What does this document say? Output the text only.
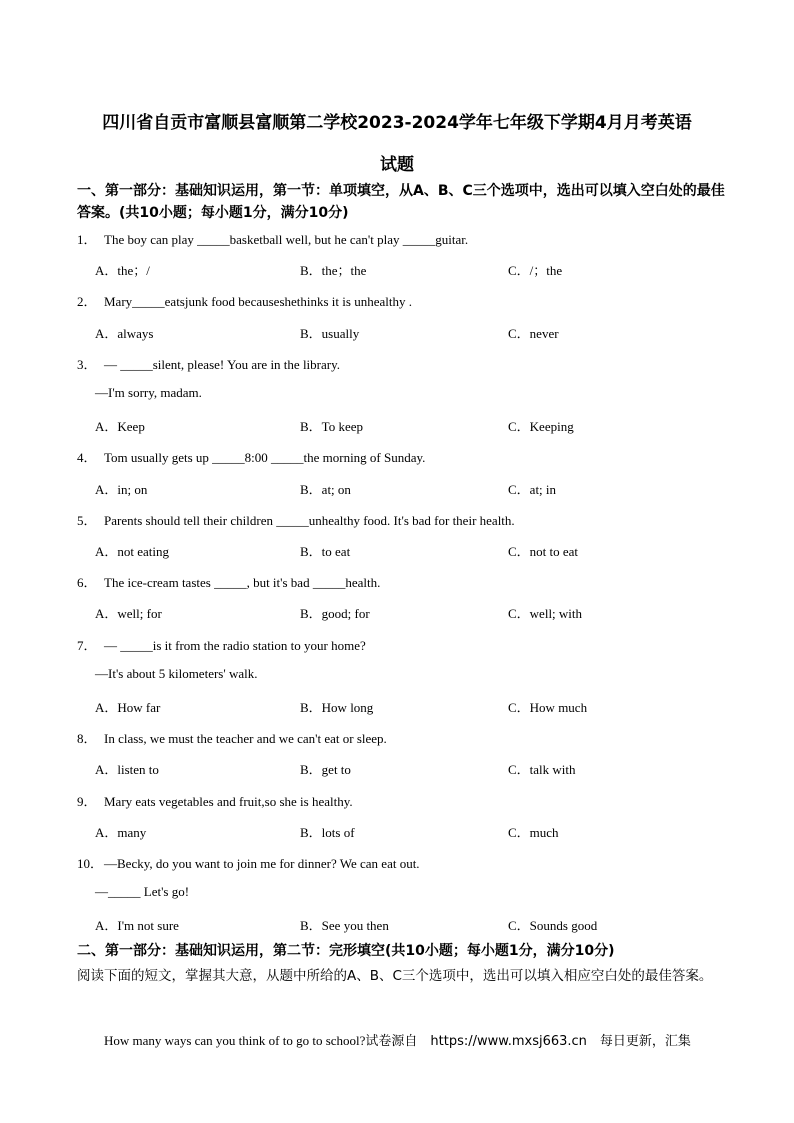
四川省自贡市富顺县富顺第二学校2023-2024学年七年级下学期4月月考英语
试题
一、第一部分：基础知识运用，第一节：单项填空，从A、B、C三个选项中，选出可以填入空白处的最佳答案。(共10小题；每小题1分，满分10分)
1． The boy can play _____basketball well, but he can't play _____guitar.
A．the；/	B．the；the	C．/；the
2． Mary_____eatsjunk food becauseshethinks it is unhealthy .
A．always	B．usually	C．never
3． — _____silent, please! You are in the library.
—I'm sorry, madam.
A．Keep	B．To keep	C．Keeping
4． Tom usually gets up _____8:00 _____the morning of Sunday.
A．in; on	B．at; on	C．at; in
5． Parents should tell their children _____unhealthy food. It's bad for their health.
A．not eating	B．to eat	C．not to eat
6． The ice-cream tastes _____, but it's bad _____health.
A．well; for	B．good; for	C．well; with
7． — _____is it from the radio station to your home?
—It's about 5 kilometers' walk.
A．How far	B．How long	C．How much
8． In class, we must the teacher and we can't eat or sleep.
A．listen to	B．get to	C．talk with
9． Mary eats vegetables and fruit,so she is healthy.
A．many	B．lots of	C．much
10．—Becky, do you want to join me for dinner? We can eat out.
—_____ Let's go!
A．I'm not sure	B．See you then	C．Sounds good
二、第一部分：基础知识运用，第二节：完形填空(共10小题；每小题1分，满分10分)
阅读下面的短文，掌握其大意，从题中所给的A、B、C三个选项中，选出可以填入相应空白处的最佳答案。
How many ways can you think of to go to school?试卷源自　https://www.mxsj663.cn　每日更新，汇集
